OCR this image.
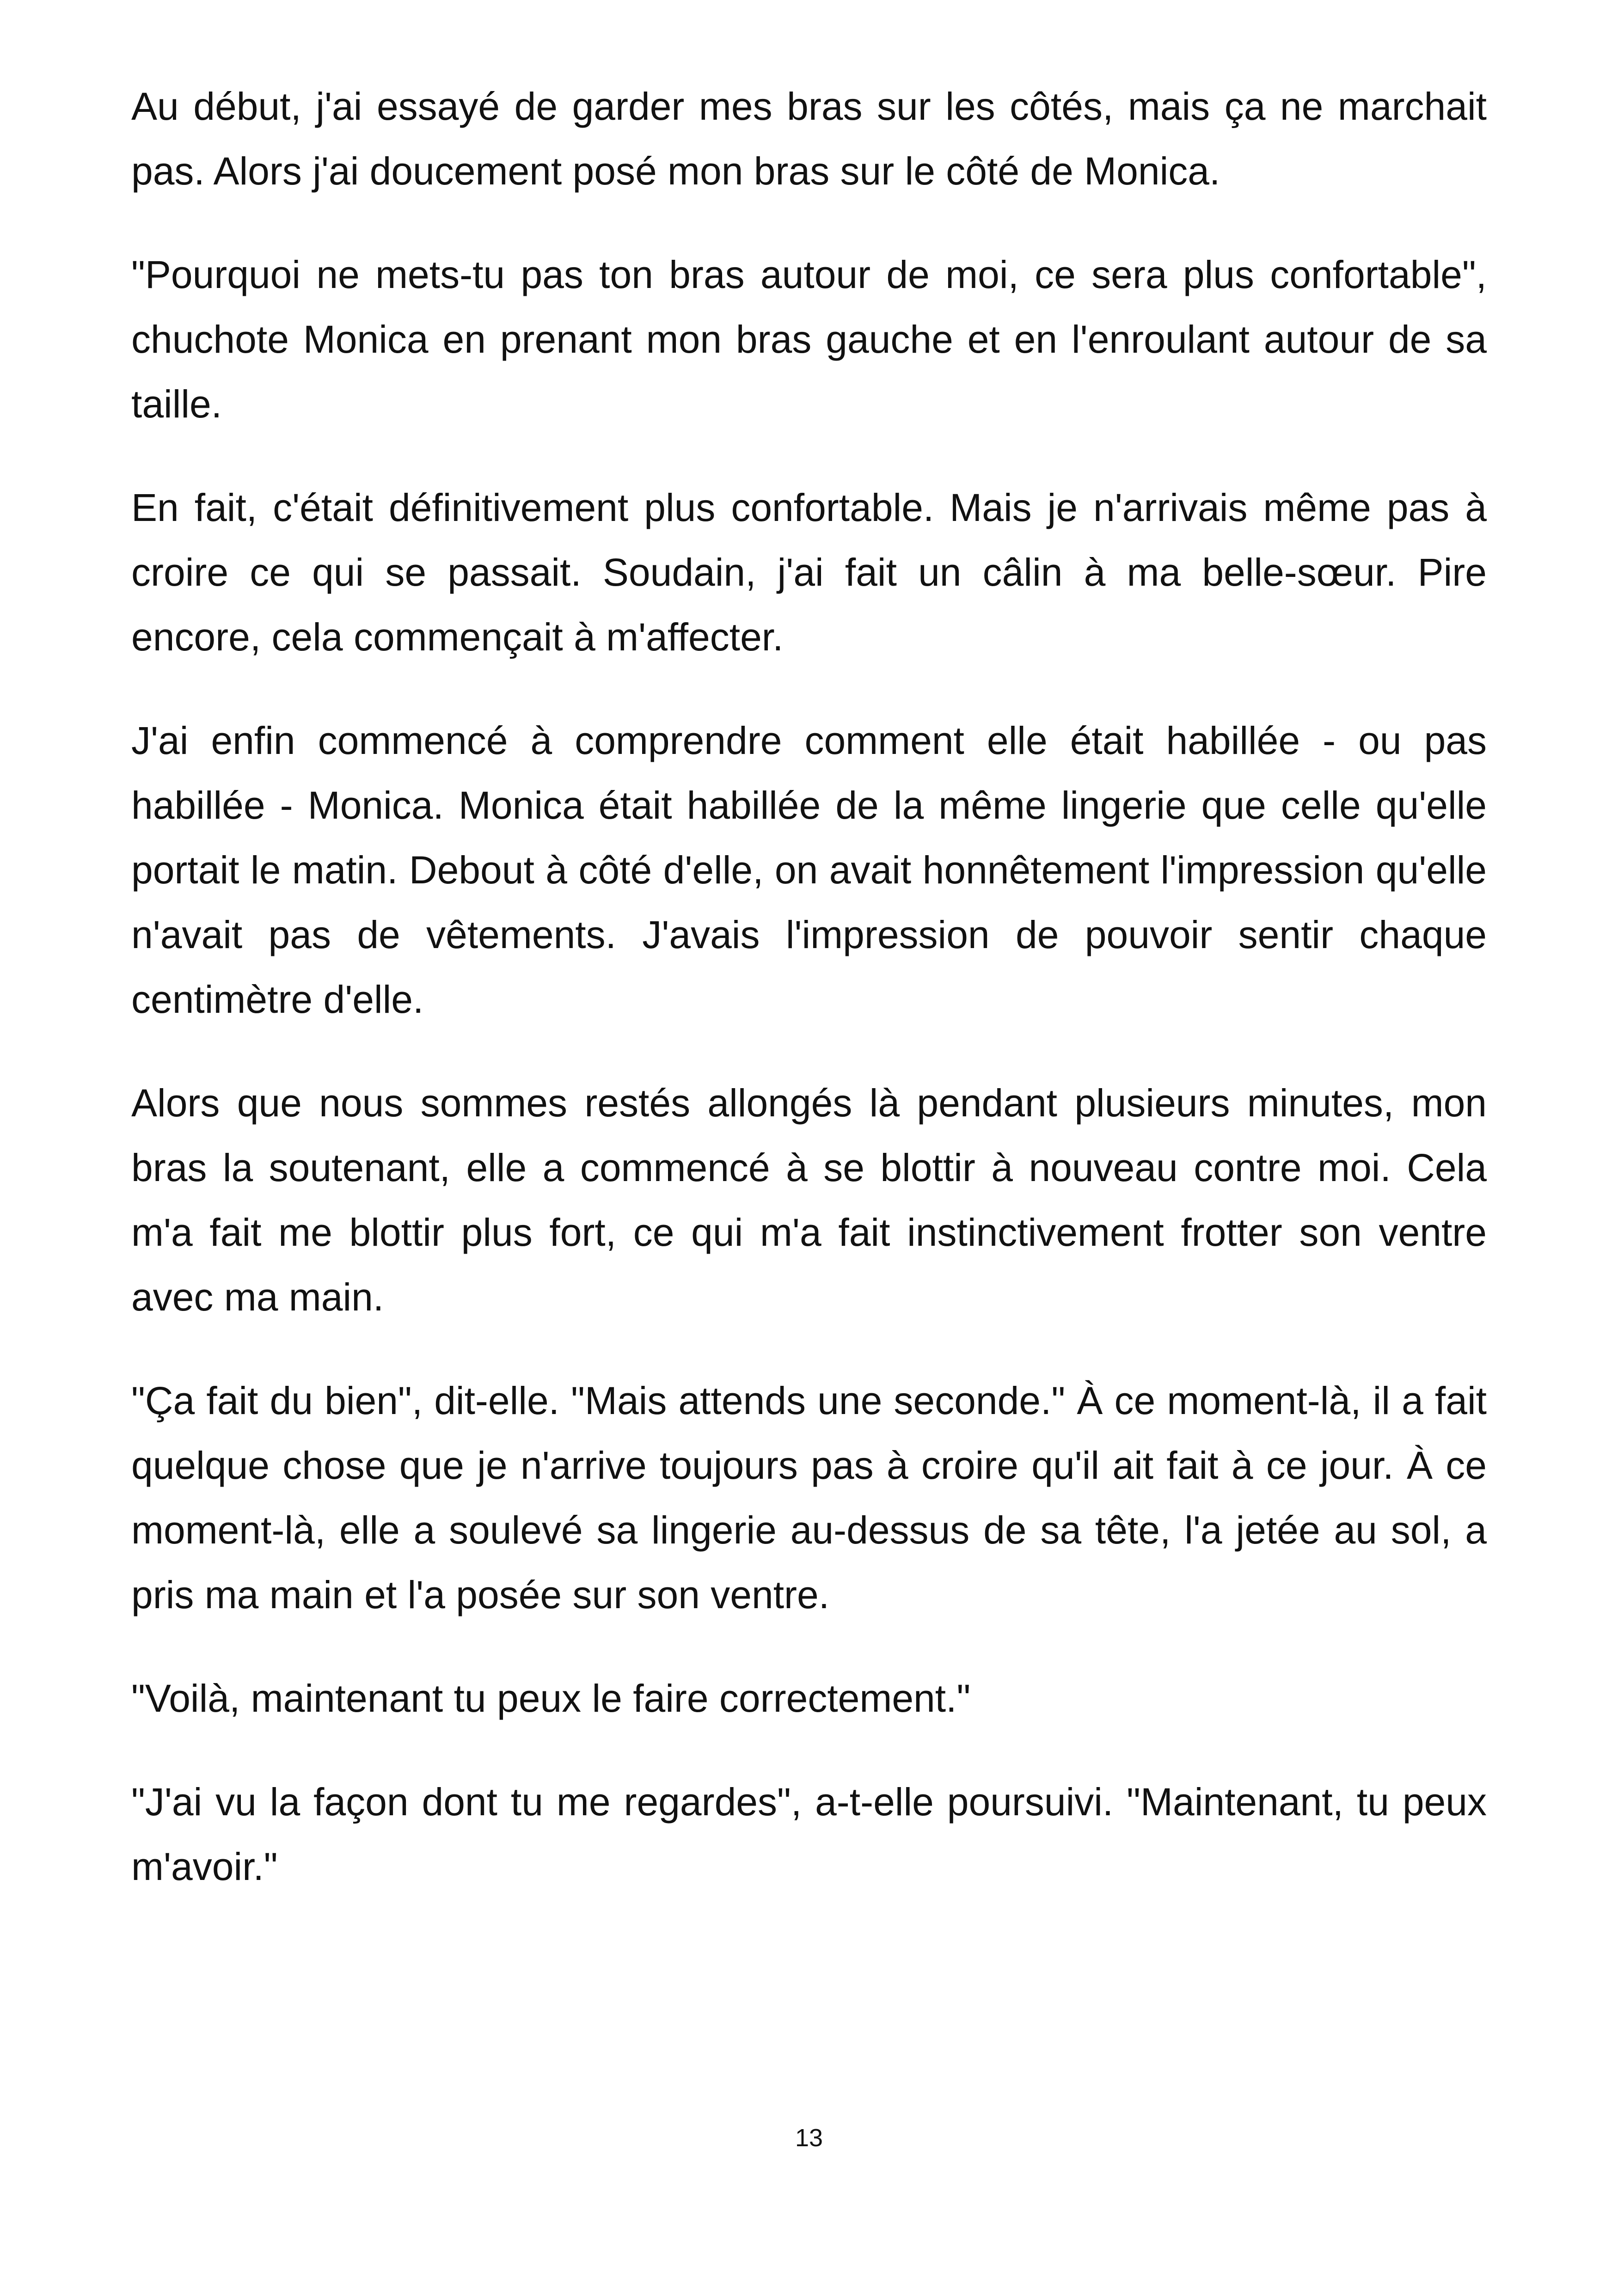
Au début, j'ai essayé de garder mes bras sur les côtés, mais ça ne marchait pas. Alors j'ai doucement posé mon bras sur le côté de Monica.

"Pourquoi ne mets-tu pas ton bras autour de moi, ce sera plus confortable", chuchote Monica en prenant mon bras gauche et en l'enroulant autour de sa taille.

En fait, c'était définitivement plus confortable. Mais je n'arrivais même pas à croire ce qui se passait. Soudain, j'ai fait un câlin à ma belle-sœur. Pire encore, cela commençait à m'affecter.

J'ai enfin commencé à comprendre comment elle était habillée - ou pas habillée - Monica. Monica était habillée de la même lingerie que celle qu'elle portait le matin. Debout à côté d'elle, on avait honnêtement l'impression qu'elle n'avait pas de vêtements. J'avais l'impression de pouvoir sentir chaque centimètre d'elle.

Alors que nous sommes restés allongés là pendant plusieurs minutes, mon bras la soutenant, elle a commencé à se blottir à nouveau contre moi. Cela m'a fait me blottir plus fort, ce qui m'a fait instinctivement frotter son ventre avec ma main.

"Ça fait du bien", dit-elle. "Mais attends une seconde." À ce moment-là, il a fait quelque chose que je n'arrive toujours pas à croire qu'il ait fait à ce jour. À ce moment-là, elle a soulevé sa lingerie au-dessus de sa tête, l'a jetée au sol, a pris ma main et l'a posée sur son ventre.

"Voilà, maintenant tu peux le faire correctement."

"J'ai vu la façon dont tu me regardes", a-t-elle poursuivi. "Maintenant, tu peux m'avoir."

13
